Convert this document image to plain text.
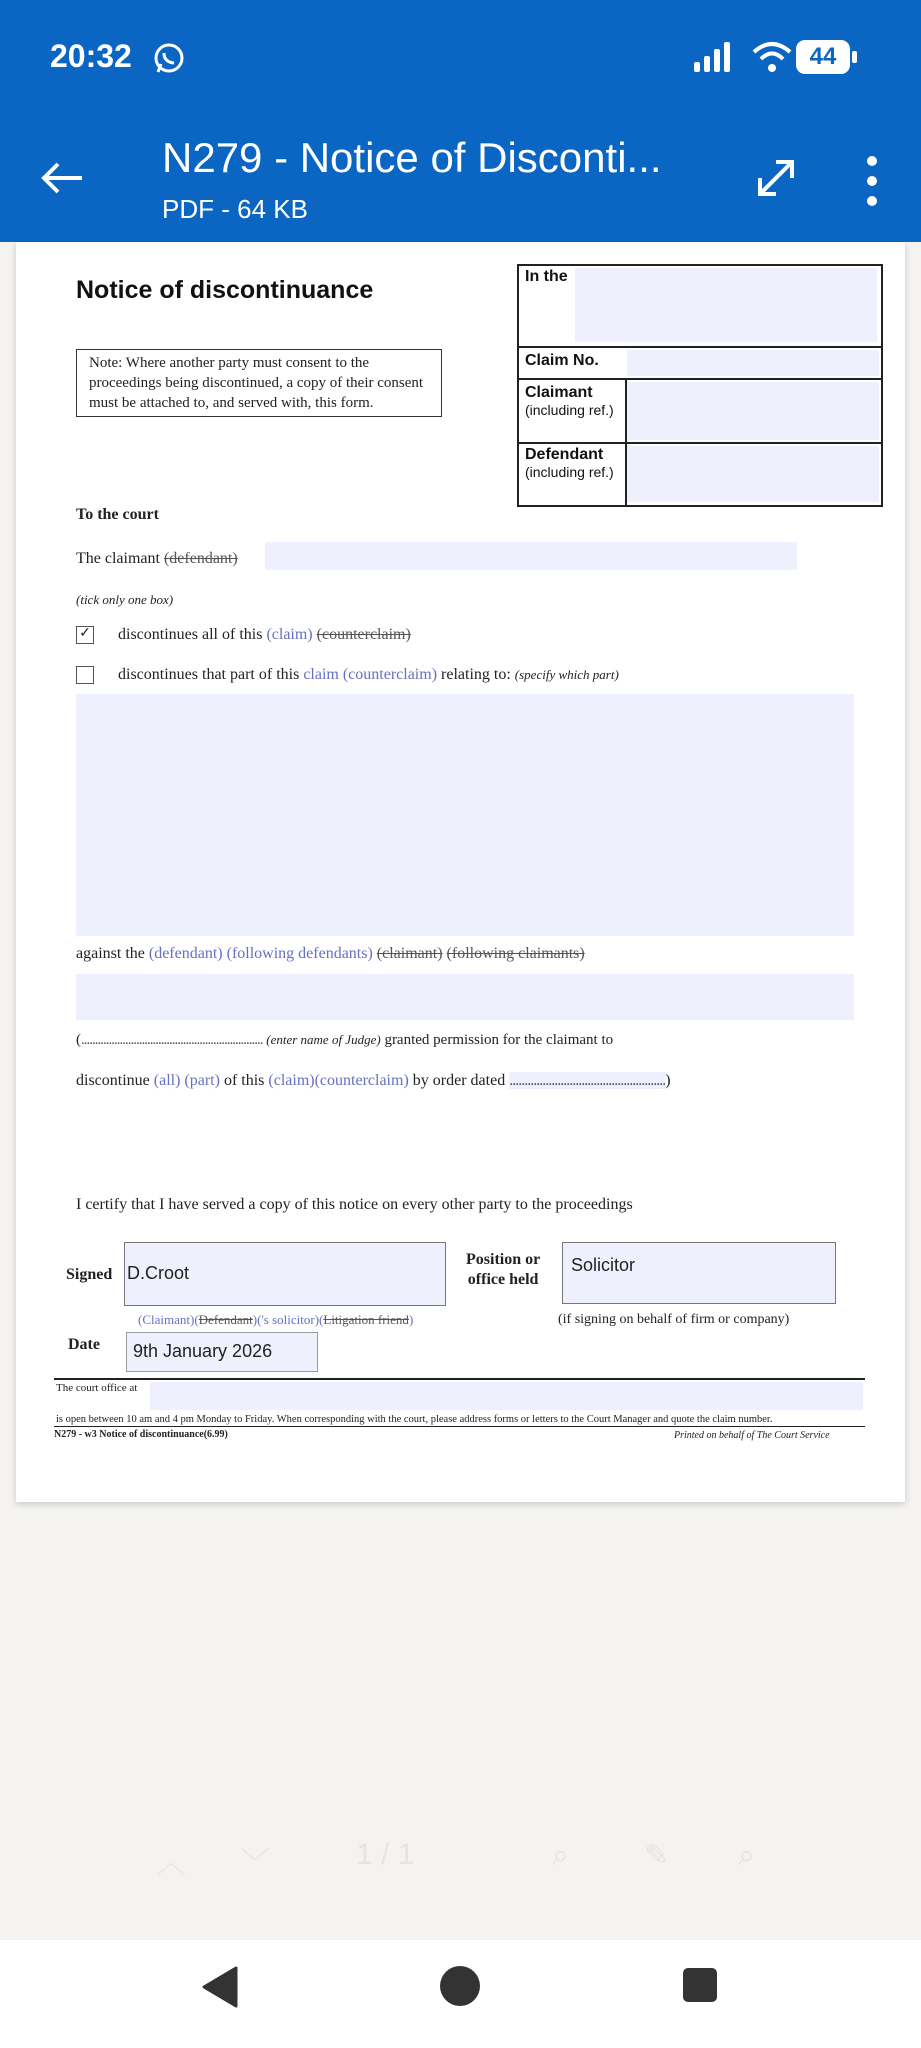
20:32	44
N279 - Notice of Disconti...
PDF - 64 KB
Notice of discontinuance
Note: Where another party must consent to the proceedings being discontinued, a copy of their consent must be attached to, and served with, this form.
In the
Claim No.
Claimant
(including ref.)
Defendant
(including ref.)
To the court
The claimant (defendant)
(tick only one box)
✓ discontinues all of this (claim) (counterclaim)
discontinues that part of this claim (counterclaim) relating to: (specify which part)
against the (defendant) (following defendants) (claimant) (following claimants)
(.................................................................. (enter name of Judge) granted permission for the claimant to
discontinue (all) (part) of this (claim)(counterclaim) by order dated ....................................................)
I certify that I have served a copy of this notice on every other party to the proceedings
Signed D.Croot
(Claimant)(Defendant)('s solicitor)(Litigation friend)
Position or
office held
Solicitor
(if signing on behalf of firm or company)
Date	9th January 2026
The court office at
is open between 10 am and 4 pm Monday to Friday. When corresponding with the court, please address forms or letters to the Court Manager and quote the claim number.
N279 - w3 Notice of discontinuance(6.99)	Printed on behalf of The Court Service
︿ ﹀	1 / 1	⌕	✎ ⌕
